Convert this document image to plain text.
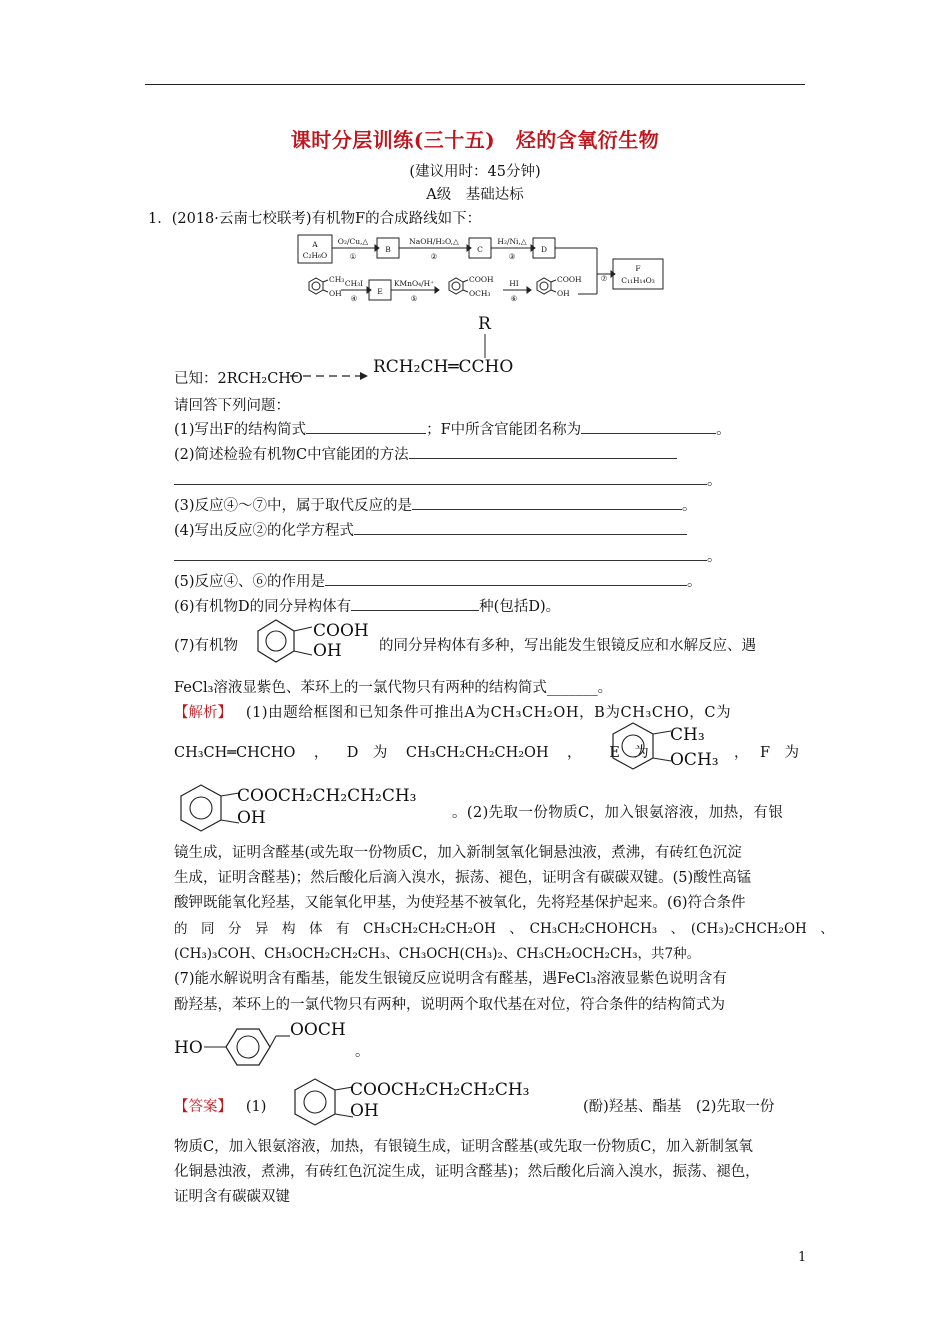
课时分层训练(三十五)　烃的含氧衍生物
(建议用时：45分钟)
A级　基础达标
1．(2018·云南七校联考)有机物F的合成路线如下：
A
C₂H₆O
B	C	D
F
C₁₁H₁₄O₃
E
O₂/Cu,△
①
NaOH/H₂O,△
②
H₂/Ni,△
③
⑦
CH₃I
④
KMnO₄/H⁺
⑤
HI
⑥
CH₃
OH
COOH
OCH₃
COOH
OH
已知：2RCH₂CHO
R
RCH₂CH═CCHO
请回答下列问题：
(1)写出F的结构简式	；F中所含官能团名称为	。
(2)简述检验有机物C中官能团的方法
。
(3)反应④～⑦中，属于取代反应的是	。
(4)写出反应②的化学方程式
。
(5)反应④、⑥的作用是	。
(6)有机物D的同分异构体有	种(包括D)。
(7)有机物
COOH
OH	的同分异构体有多种，写出能发生银镜反应和水解反应、遇
FeCl₃溶液显紫色、苯环上的一氯代物只有两种的结构简式_______。
【解析】 (1)由题给框图和已知条件可推出A为CH₃CH₂OH，B为CH₃CHO，C为
CH₃CH═CHCHO ， D　为 CH₃CH₂CH₂CH₂OH ， E　为
CH₃
OCH₃ ， F　为
COOCH₂CH₂CH₂CH₃
OH	。(2)先取一份物质C，加入银氨溶液，加热，有银
镜生成，证明含醛基(或先取一份物质C，加入新制氢氧化铜悬浊液，煮沸，有砖红色沉淀
生成，证明含醛基)；然后酸化后滴入溴水，振荡、褪色，证明含有碳碳双键。(5)酸性高锰
酸钾既能氧化羟基，又能氧化甲基，为使羟基不被氧化，先将羟基保护起来。(6)符合条件
的　同　分　异　构　体　有　CH₃CH₂CH₂CH₂OH　、　CH₃CH₂CHOHCH₃　、　(CH₃)₂CHCH₂OH　、
(CH₃)₃COH、CH₃OCH₂CH₂CH₃、CH₃OCH(CH₃)₂、CH₃CH₂OCH₂CH₃，共7种。
(7)能水解说明含有酯基，能发生银镜反应说明含有醛基，遇FeCl₃溶液显紫色说明含有
酚羟基，苯环上的一氯代物只有两种，说明两个取代基在对位，符合条件的结构简式为
HO
OOCH
。
【答案】 (1)
COOCH₂CH₂CH₂CH₃
OH	(酚)羟基、酯基　(2)先取一份
物质C，加入银氨溶液，加热，有银镜生成，证明含醛基(或先取一份物质C，加入新制氢氧
化铜悬浊液，煮沸，有砖红色沉淀生成，证明含醛基)；然后酸化后滴入溴水，振荡、褪色，
证明含有碳碳双键
1
